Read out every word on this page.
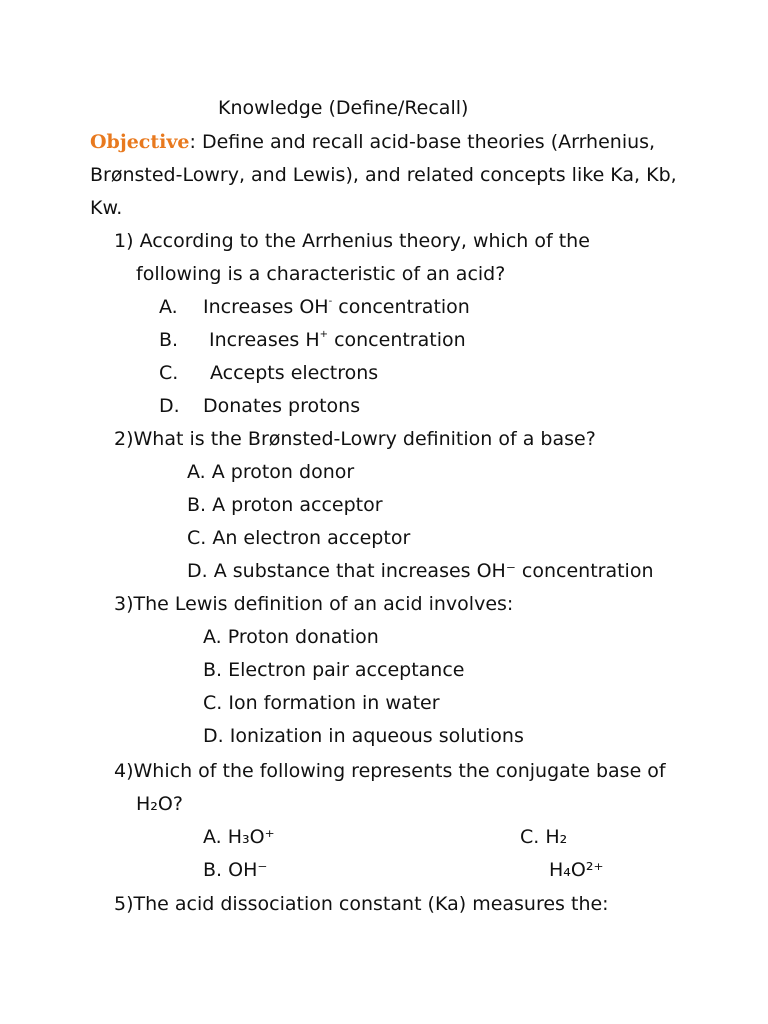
Knowledge (Define/Recall)
Objective: Define and recall acid-base theories (Arrhenius,
Brønsted-Lowry, and Lewis), and related concepts like Ka, Kb,
Kw.
1) According to the Arrhenius theory, which of the
following is a characteristic of an acid?
A. Increases OH- concentration
B. Increases H+ concentration
C. Accepts electrons
D. Donates protons
2)What is the Brønsted-Lowry definition of a base?
A. A proton donor
B. A proton acceptor
C. An electron acceptor
D. A substance that increases OH⁻ concentration
3)The Lewis definition of an acid involves:
A. Proton donation
B. Electron pair acceptance
C. Ion formation in water
D. Ionization in aqueous solutions
4)Which of the following represents the conjugate base of
H₂O?
A. H₃O⁺	C. H₂
B. OH⁻	H₄O²⁺
5)The acid dissociation constant (Ka) measures the:
